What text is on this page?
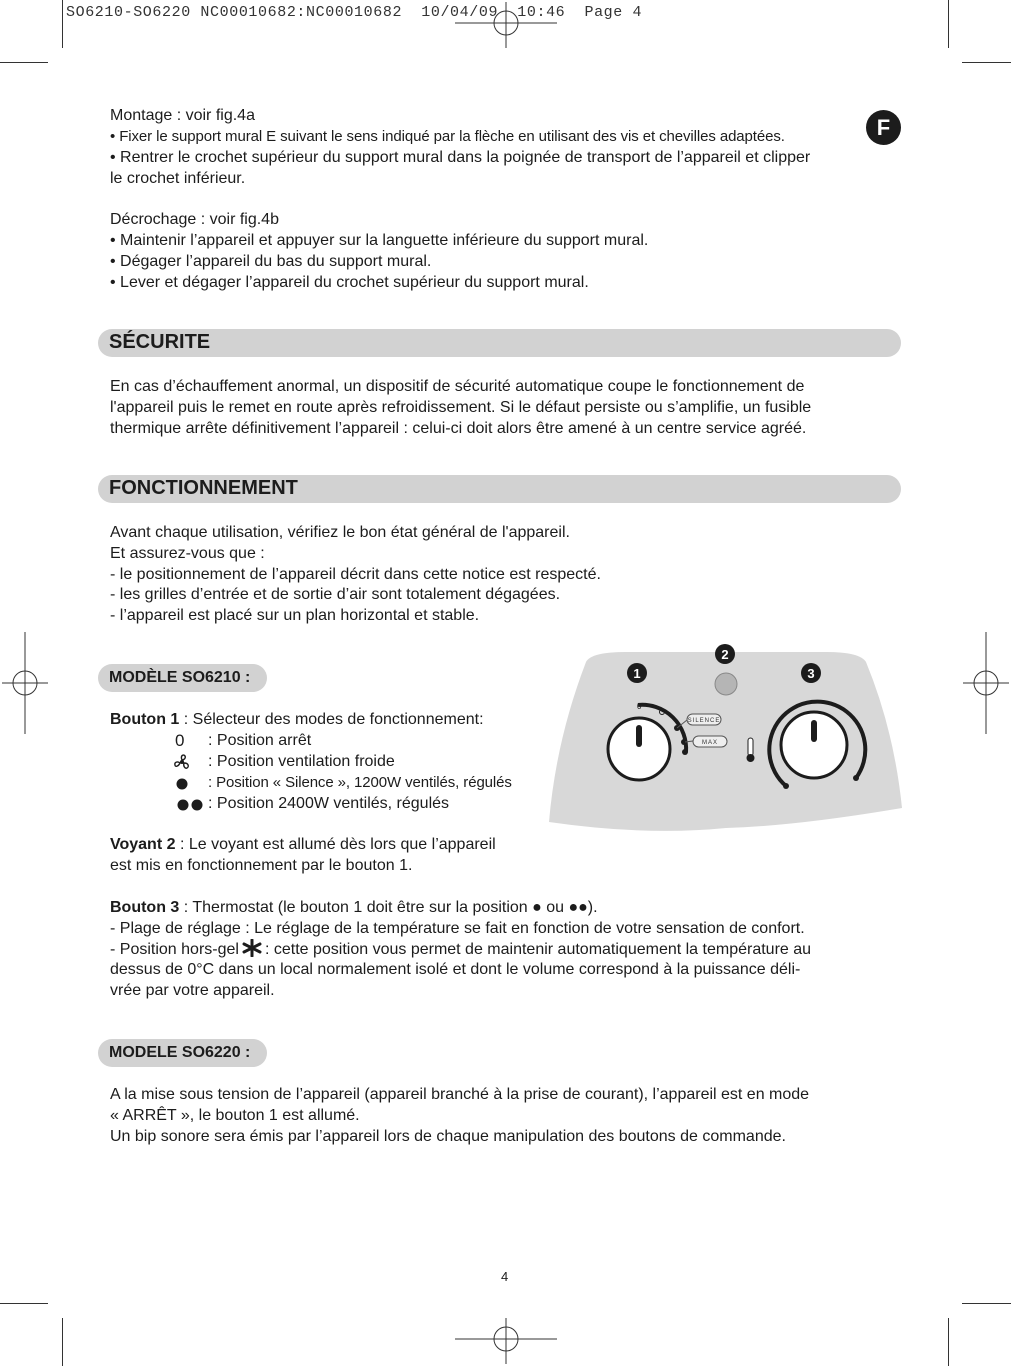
SO6210-SO6220 NC00010682:NC00010682  10/04/09  10:46  Page 4
F
Montage : voir fig.4a
• Fixer le support mural E suivant le sens indiqué par la flèche en utilisant des vis et chevilles adaptées.
• Rentrer le crochet supérieur du support mural dans la poignée de transport de l’appareil et clipper
le crochet inférieur.
Décrochage : voir fig.4b
• Maintenir l’appareil et appuyer sur la languette inférieure du support mural.
• Dégager l’appareil du bas du support mural.
• Lever et dégager l’appareil du crochet supérieur du support mural.
SÉCURITE
En cas d’échauffement anormal, un dispositif de sécurité automatique coupe le fonctionnement de
l'appareil puis le remet en route après refroidissement. Si le défaut persiste ou s’amplifie, un fusible
thermique arrête définitivement l’appareil : celui-ci doit alors être amené à un centre service agréé.
FONCTIONNEMENT
Avant chaque utilisation, vérifiez le bon état général de l'appareil.
Et assurez-vous que :
- le positionnement de l’appareil décrit dans cette notice est respecté.
- les grilles d’entrée et de sortie d’air sont totalement dégagées.
- l’appareil est placé sur un plan horizontal et stable.
MODÈLE SO6210 :
Bouton 1 : Sélecteur des modes de fonctionnement:
0 : Position arrêt
: Position ventilation froide
: Position « Silence », 1200W ventilés, régulés
: Position 2400W ventilés, régulés
Voyant 2 : Le voyant est allumé dès lors que l’appareil
est mis en fonctionnement par le bouton 1.
Bouton 3 : Thermostat (le bouton 1 doit être sur la position ● ou ●●).
- Plage de réglage : Le réglage de la température se fait en fonction de votre sensation de confort.
- Position hors-gel : cette position vous permet de maintenir automatiquement la température au
dessus de 0°C dans un local normalement isolé et dont le volume correspond à la puissance déli-
vrée par votre appareil.
1
2
3
0
SILENCE
MAX
MODELE SO6220 :
A la mise sous tension de l’appareil (appareil branché à la prise de courant), l’appareil est en mode
« ARRÊT », le bouton 1 est allumé.
Un bip sonore sera émis par l’appareil lors de chaque manipulation des boutons de commande.
4
